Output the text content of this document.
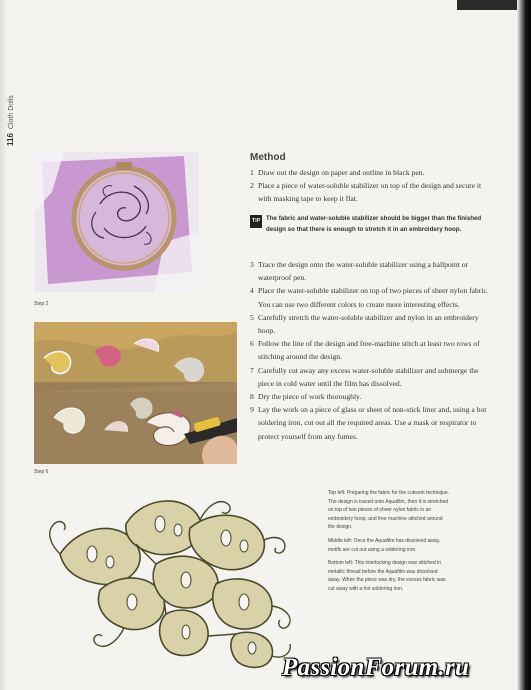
116Cloth Dolls
Step 2
Step 6
Method
1 Draw out the design on paper and outline in black pen.
2 Place a piece of water-soluble stabilizer on top of the design and secure it with masking tape to keep it flat.
TIP The fabric and water-soluble stabilizer should be bigger than the finished design so that there is enough to stretch it in an embroidery hoop.
3 Trace the design onto the water-soluble stabilizer using a ballpoint or waterproof pen.
4 Place the water-soluble stabilizer on top of two pieces of sheer nylon fabric. You can use two different colors to create more interesting effects.
5 Carefully stretch the water-soluble stabilizer and nylon in an embroidery hoop.
6 Follow the line of the design and free-machine stitch at least two rows of stitching around the design.
7 Carefully cut away any excess water-soluble stabilizer and submerge the piece in cold water until the film has dissolved.
8 Dry the piece of work thoroughly.
9 Lay the work on a piece of glass or sheet of non-stick liner and, using a hot soldering iron, cut out all the required areas. Use a mask or respirator to protect yourself from any fumes.

Top left: Preparing the fabric for the cutwork technique. The design is traced onto Aquafilm, then it is stretched on top of two pieces of sheer nylon fabric in an embroidery hoop, and free machine stitched around the design.

Middle left: Once the Aquafilm has dissolved away, motifs are cut out using a soldering iron.

Bottom left: This interlocking design was stitched in metallic thread before the Aquafilm was dissolved away. When the piece was dry, the excess fabric was cut away with a hot soldering iron.

PassionForum.ru
